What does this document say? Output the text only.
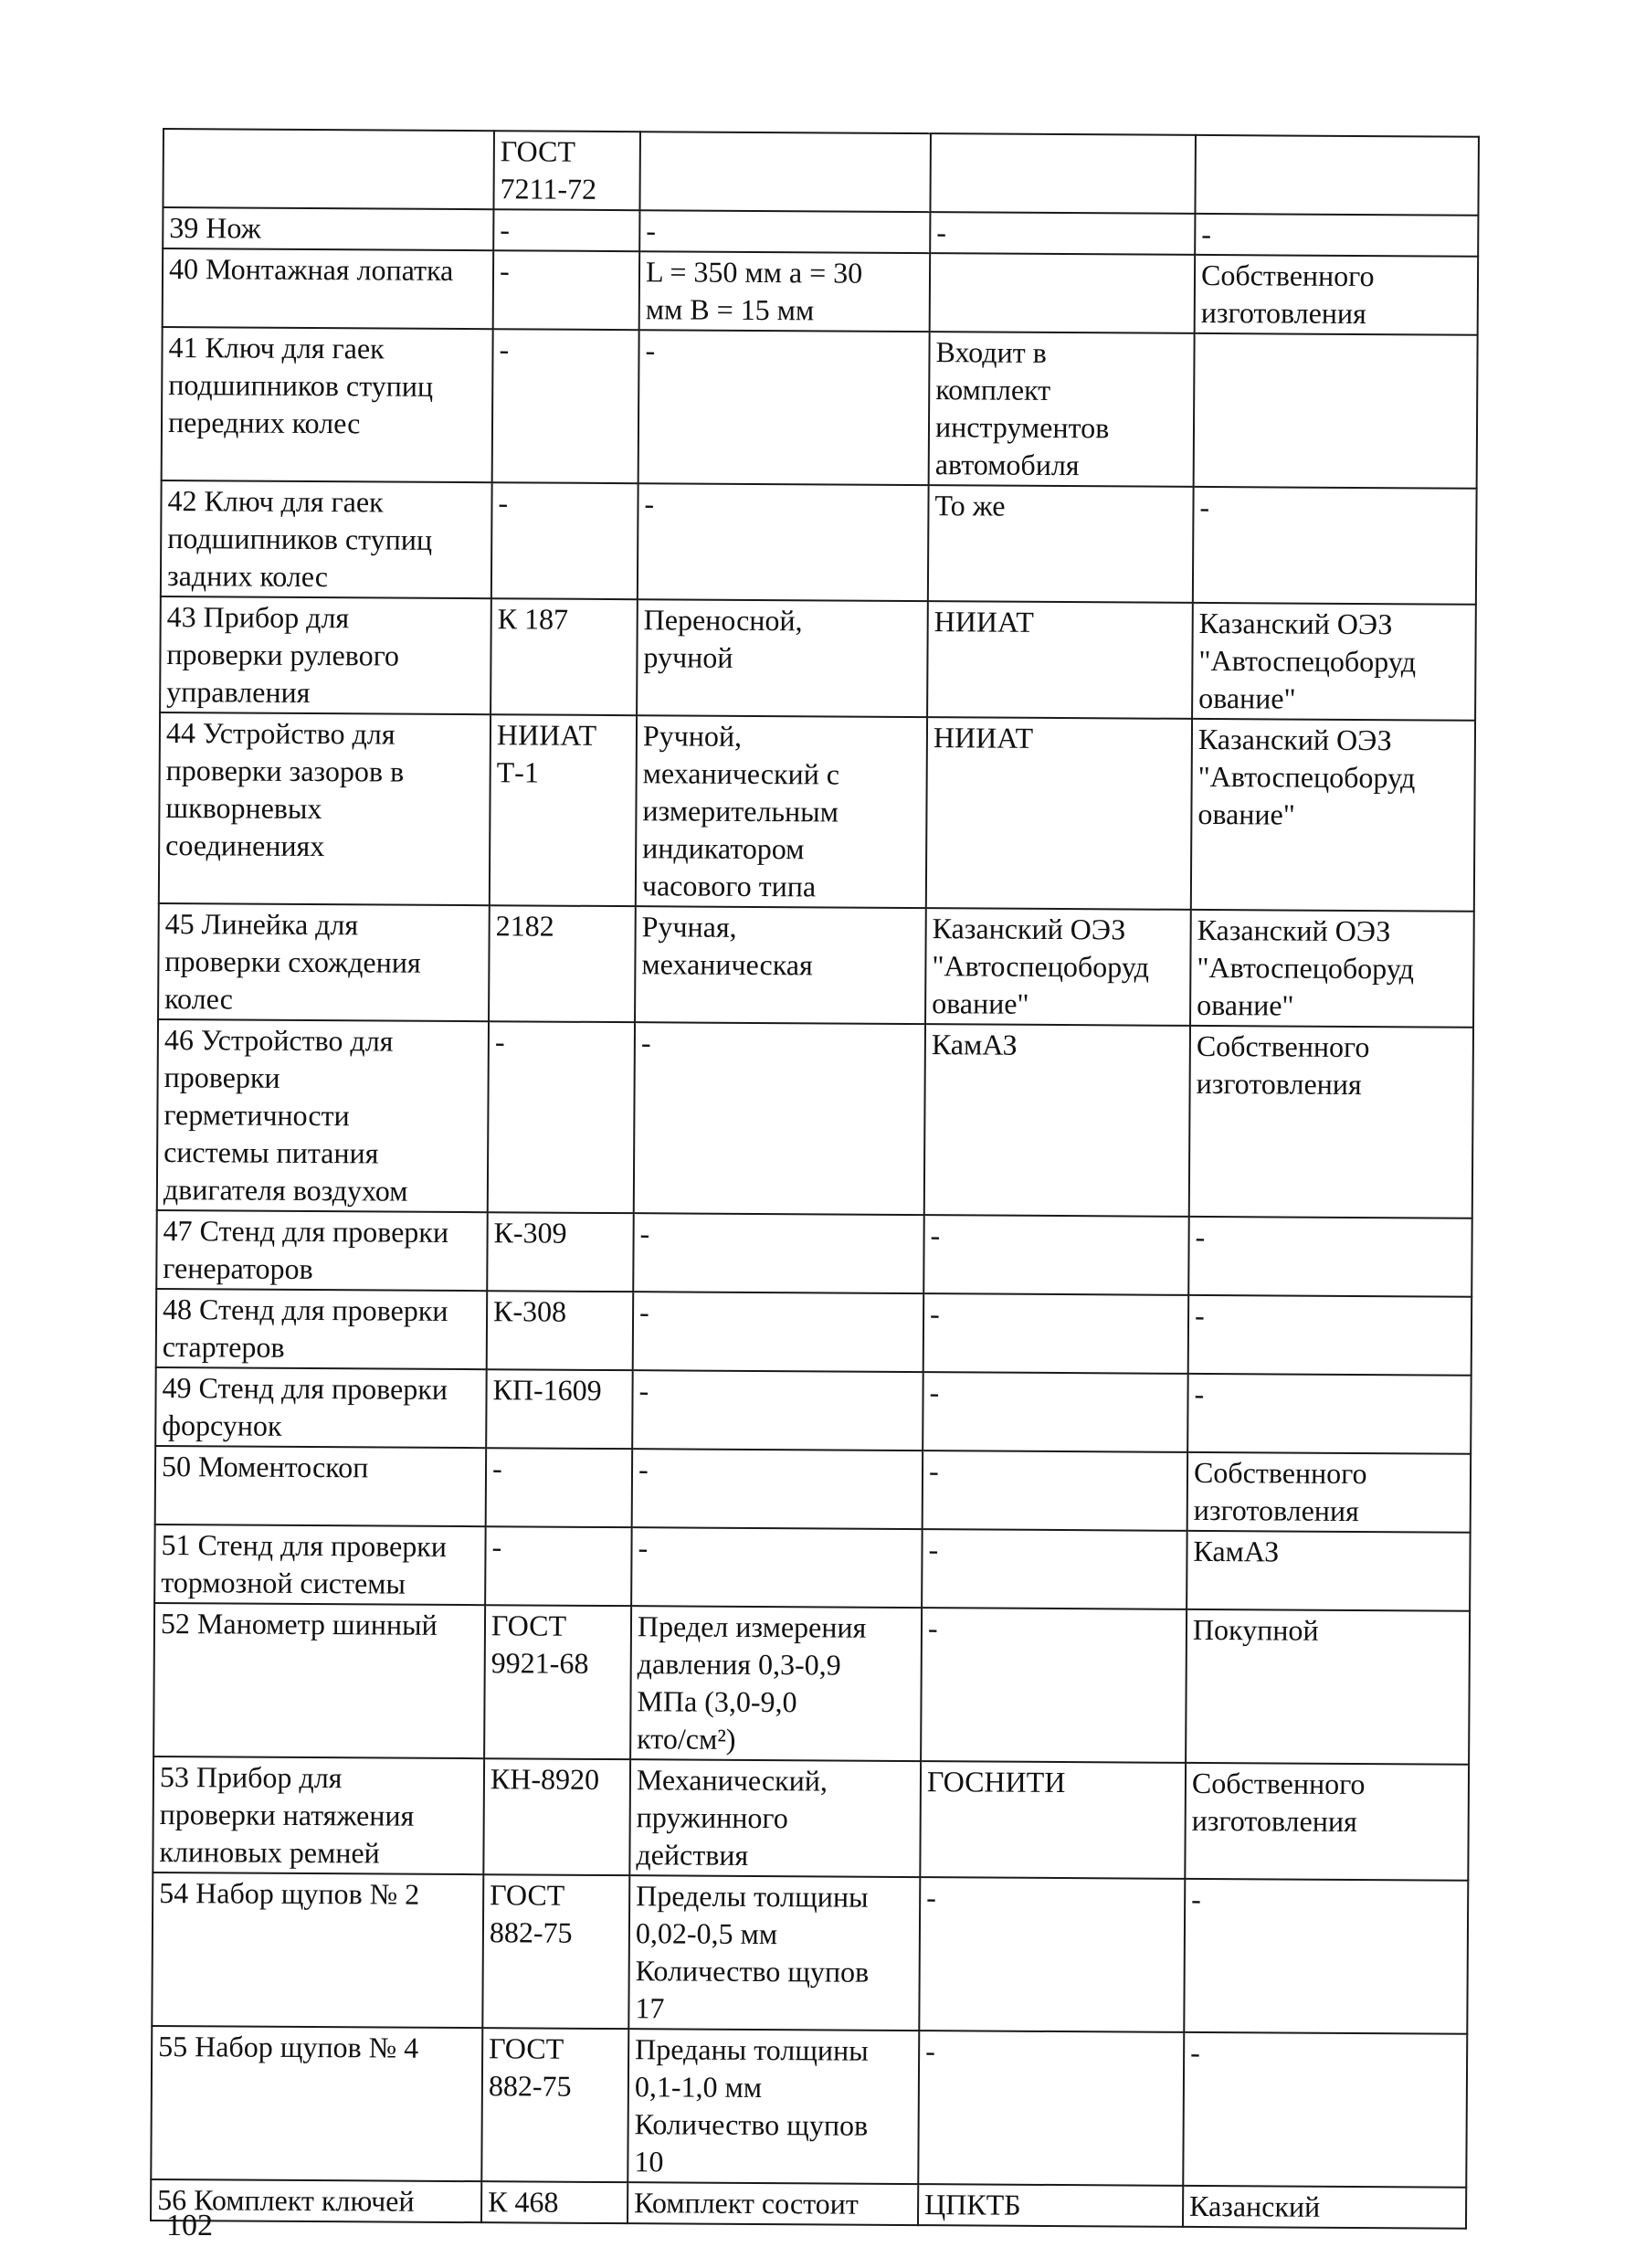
	ГОСТ
7211-72			

39 Нож	-	-	-	-

40 Монтажная лопатка	-	L = 350 мм а = 30
мм В = 15 мм		Собственного
изготовления

41 Ключ для гаек
подшипников ступиц
передних колес	-	-	Входит в
комплект
инструментов
автомобиля	

42 Ключ для гаек
подшипников ступиц
задних колес	-	-	То же	-

43 Прибор для
проверки рулевого
управления	К 187	Переносной,
ручной	НИИАТ	Казанский ОЭЗ
"Автоспецоборуд
ование"

44 Устройство для
проверки зазоров в
шкворневых
соединениях	НИИАТ
Т-1	Ручной,
механический с
измерительным
индикатором
часового типа	НИИАТ	Казанский ОЭЗ
"Автоспецоборуд
ование"

45 Линейка для
проверки схождения
колес	2182	Ручная,
механическая	Казанский ОЭЗ
"Автоспецоборуд
ование"	Казанский ОЭЗ
"Автоспецоборуд
ование"

46 Устройство для
проверки
герметичности
системы питания
двигателя воздухом	-	-	КамАЗ	Собственного
изготовления

47 Стенд для проверки
генераторов	К-309	-	-	-

48 Стенд для проверки
стартеров	К-308	-	-	-

49 Стенд для проверки
форсунок	КП-1609	-	-	-

50 Моментоскоп	-	-	-	Собственного
изготовления

51 Стенд для проверки
тормозной системы	-	-	-	КамАЗ

52 Манометр шинный	ГОСТ
9921-68	Предел измерения
давления 0,3-0,9
МПа (3,0-9,0
кто/см²)	-	Покупной

53 Прибор для
проверки натяжения
клиновых ремней	КН-8920	Механический,
пружинного
действия	ГОСНИТИ	Собственного
изготовления

54 Набор щупов № 2	ГОСТ
882-75	Пределы толщины
0,02-0,5 мм
Количество щупов
17	-	-

55 Набор щупов № 4	ГОСТ
882-75	Преданы толщины
0,1-1,0 мм
Количество щупов
10	-	-

56 Комплект ключей	К 468	Комплект состоит	ЦПКТБ	Казанский
102
